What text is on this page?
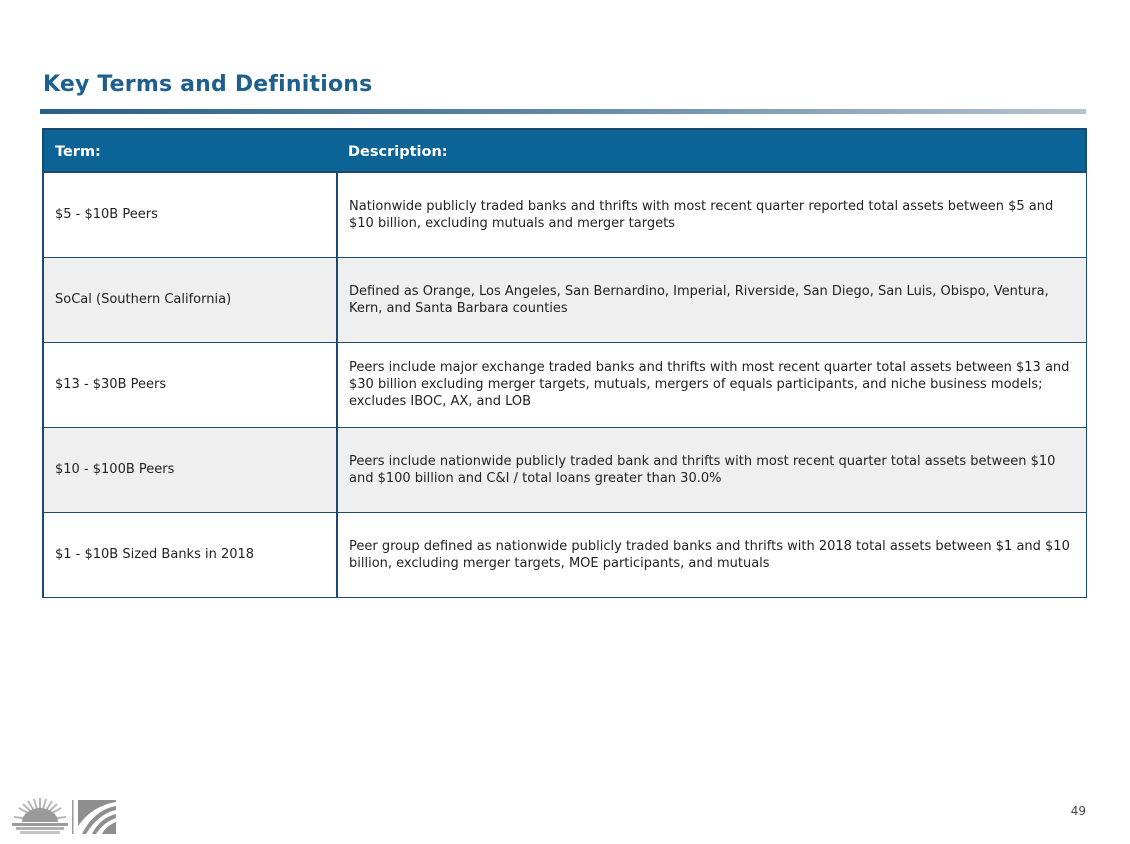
Key Terms and Definitions
Term:	Description:
$5 - $10B Peers	Nationwide publicly traded banks and thrifts with most recent quarter reported total assets between $5 and $10 billion, excluding mutuals and merger targets
SoCal (Southern California)	Defined as Orange, Los Angeles, San Bernardino, Imperial, Riverside, San Diego, San Luis, Obispo, Ventura, Kern, and Santa Barbara counties
$13 - $30B Peers	Peers include major exchange traded banks and thrifts with most recent quarter total assets between $13 and $30 billion excluding merger targets, mutuals, mergers of equals participants, and niche business models; excludes IBOC, AX, and LOB
$10 - $100B Peers	Peers include nationwide publicly traded bank and thrifts with most recent quarter total assets between $10 and $100 billion and C&I / total loans greater than 30.0%
$1 - $10B Sized Banks in 2018	Peer group defined as nationwide publicly traded banks and thrifts with 2018 total assets between $1 and $10 billion, excluding merger targets, MOE participants, and mutuals
49
